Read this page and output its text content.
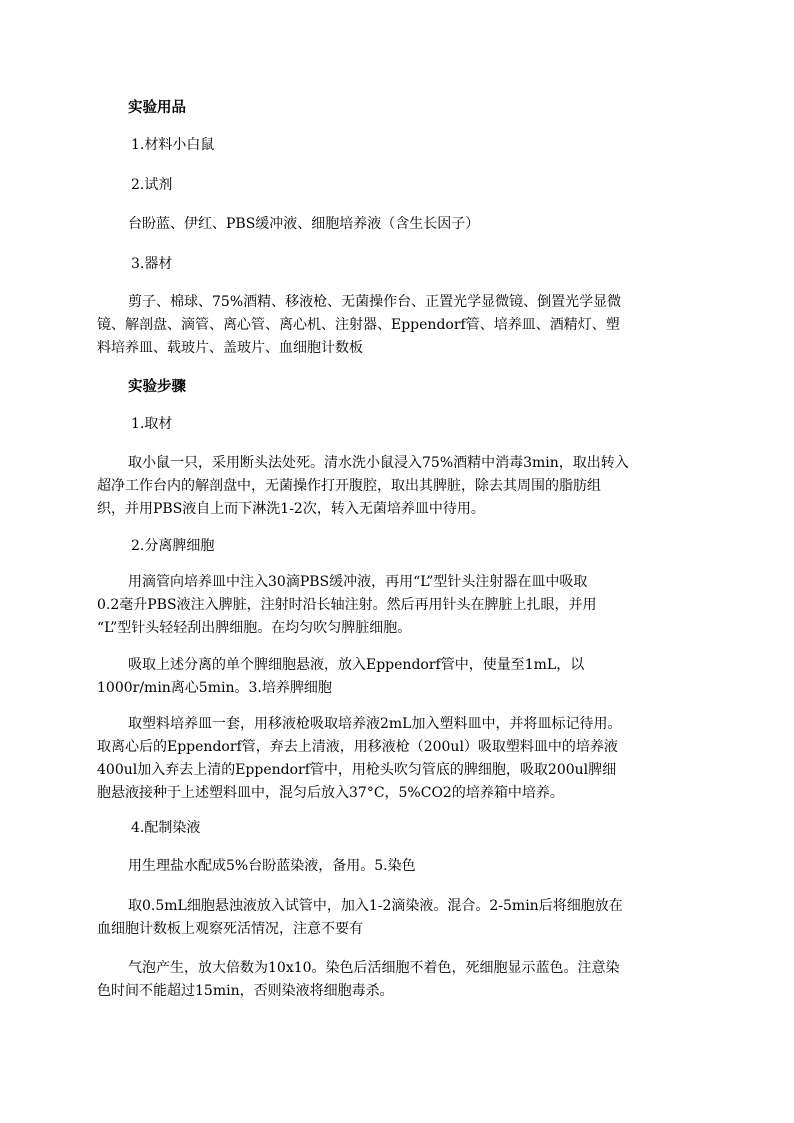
实验用品
1.材料小白鼠
2.试剂
台盼蓝、伊红、PBS缓冲液、细胞培养液（含生长因子）
3.器材
剪子、棉球、75%酒精、移液枪、无菌操作台、正置光学显微镜、倒置光学显微
镜、解剖盘、滴管、离心管、离心机、注射器、Eppendorf管、培养皿、酒精灯、塑
料培养皿、载玻片、盖玻片、血细胞计数板
实验步骤
1.取材
取小鼠一只，采用断头法处死。清水洗小鼠浸入75%酒精中消毒3min，取出转入
超净工作台内的解剖盘中，无菌操作打开腹腔，取出其脾脏，除去其周围的脂肪组
织，并用PBS液自上而下淋洗1-2次，转入无菌培养皿中待用。
2.分离脾细胞
用滴管向培养皿中注入30滴PBS缓冲液，再用“L”型针头注射器在皿中吸取
0.2毫升PBS液注入脾脏，注射时沿长轴注射。然后再用针头在脾脏上扎眼，并用
“L”型针头轻轻刮出脾细胞。在均匀吹匀脾脏细胞。
吸取上述分离的单个脾细胞悬液，放入Eppendorf管中，使量至1mL，以
1000r/min离心5min。3.培养脾细胞
取塑料培养皿一套，用移液枪吸取培养液2mL加入塑料皿中，并将皿标记待用。
取离心后的Eppendorf管，弃去上清液，用移液枪（200ul）吸取塑料皿中的培养液
400ul加入弃去上清的Eppendorf管中，用枪头吹匀管底的脾细胞，吸取200ul脾细
胞悬液接种于上述塑料皿中，混匀后放入37°C，5%CO2的培养箱中培养。
4.配制染液
用生理盐水配成5%台盼蓝染液，备用。5.染色
取0.5mL细胞悬浊液放入试管中，加入1-2滴染液。混合。2-5min后将细胞放在
血细胞计数板上观察死活情况，注意不要有
气泡产生，放大倍数为10x10。染色后活细胞不着色，死细胞显示蓝色。注意染
色时间不能超过15min，否则染液将细胞毒杀。
